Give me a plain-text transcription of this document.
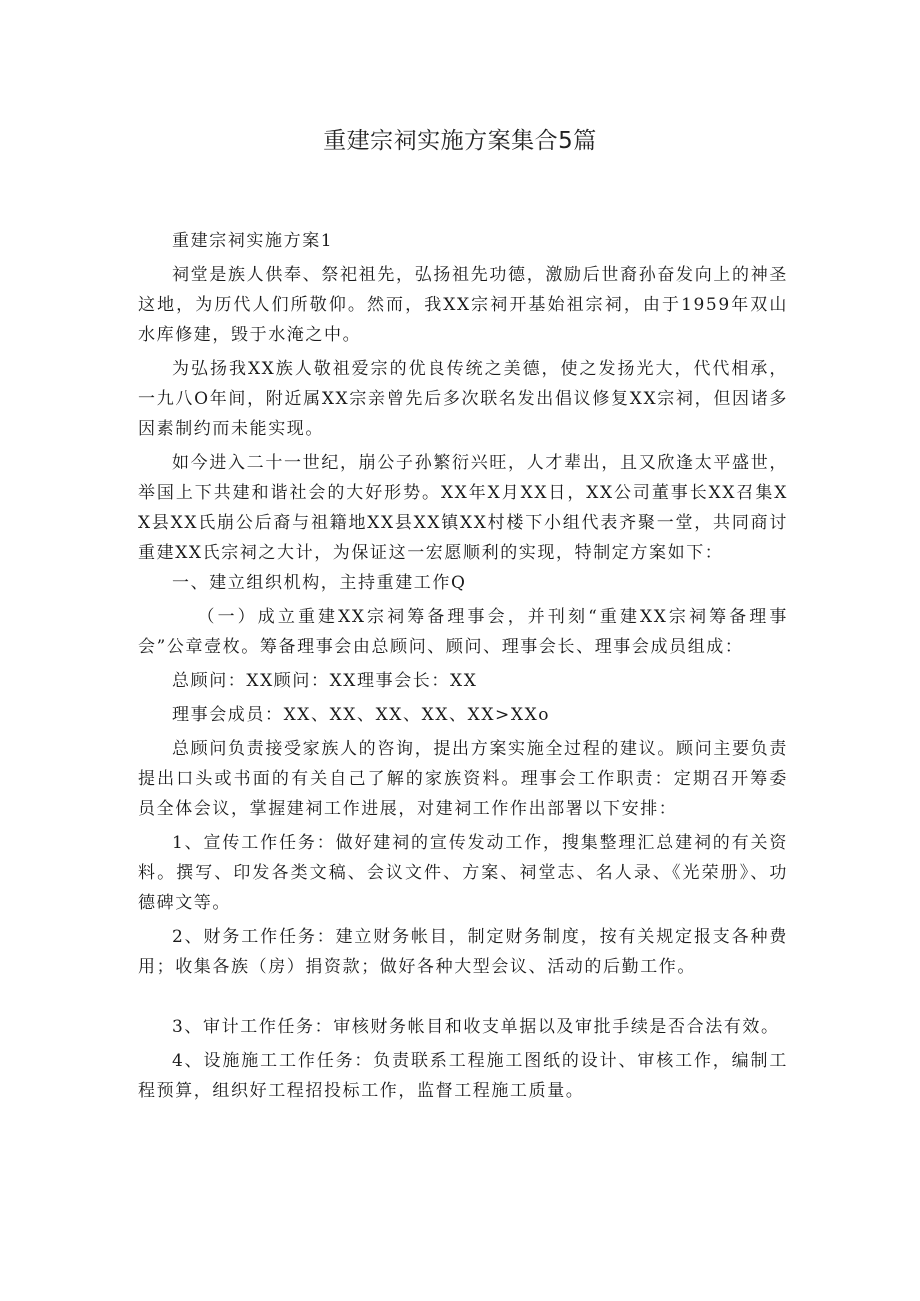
重建宗祠实施方案集合5篇

重建宗祠实施方案1

祠堂是族人供奉、祭祀祖先，弘扬祖先功德，激励后世裔孙奋发向上的神圣这地，为历代人们所敬仰。然而，我XX宗祠开基始祖宗祠，由于1959年双山水库修建，毁于水淹之中。

为弘扬我XX族人敬祖爱宗的优良传统之美德，使之发扬光大，代代相承，一九八O年间，附近属XX宗亲曾先后多次联名发出倡议修复XX宗祠，但因诸多因素制约而未能实现。

如今进入二十一世纪，崩公子孙繁衍兴旺，人才辈出，且又欣逢太平盛世，举国上下共建和谐社会的大好形势。XX年X月XX日，XX公司董事长XX召集XX县XX氏崩公后裔与祖籍地XX县XX镇XX村楼下小组代表齐聚一堂，共同商讨重建XX氏宗祠之大计，为保证这一宏愿顺利的实现，特制定方案如下：

一、建立组织机构，主持重建工作Q

（一）成立重建XX宗祠筹备理事会，并刊刻“重建XX宗祠筹备理事会”公章壹枚。筹备理事会由总顾问、顾问、理事会长、理事会成员组成：

总顾问：XX顾问：XX理事会长：XX

理事会成员：XX、XX、XX、XX、XX>XXo

总顾问负责接受家族人的咨询，提出方案实施全过程的建议。顾问主要负责提出口头或书面的有关自己了解的家族资料。理事会工作职责：定期召开筹委员全体会议，掌握建祠工作进展，对建祠工作作出部署以下安排：

1、宣传工作任务：做好建祠的宣传发动工作，搜集整理汇总建祠的有关资料。撰写、印发各类文稿、会议文件、方案、祠堂志、名人录、《光荣册》、功德碑文等。

2、财务工作任务：建立财务帐目，制定财务制度，按有关规定报支各种费用；收集各族（房）捐资款；做好各种大型会议、活动的后勤工作。

3、审计工作任务：审核财务帐目和收支单据以及审批手续是否合法有效。

4、设施施工工作任务：负责联系工程施工图纸的设计、审核工作，编制工程预算，组织好工程招投标工作，监督工程施工质量。
